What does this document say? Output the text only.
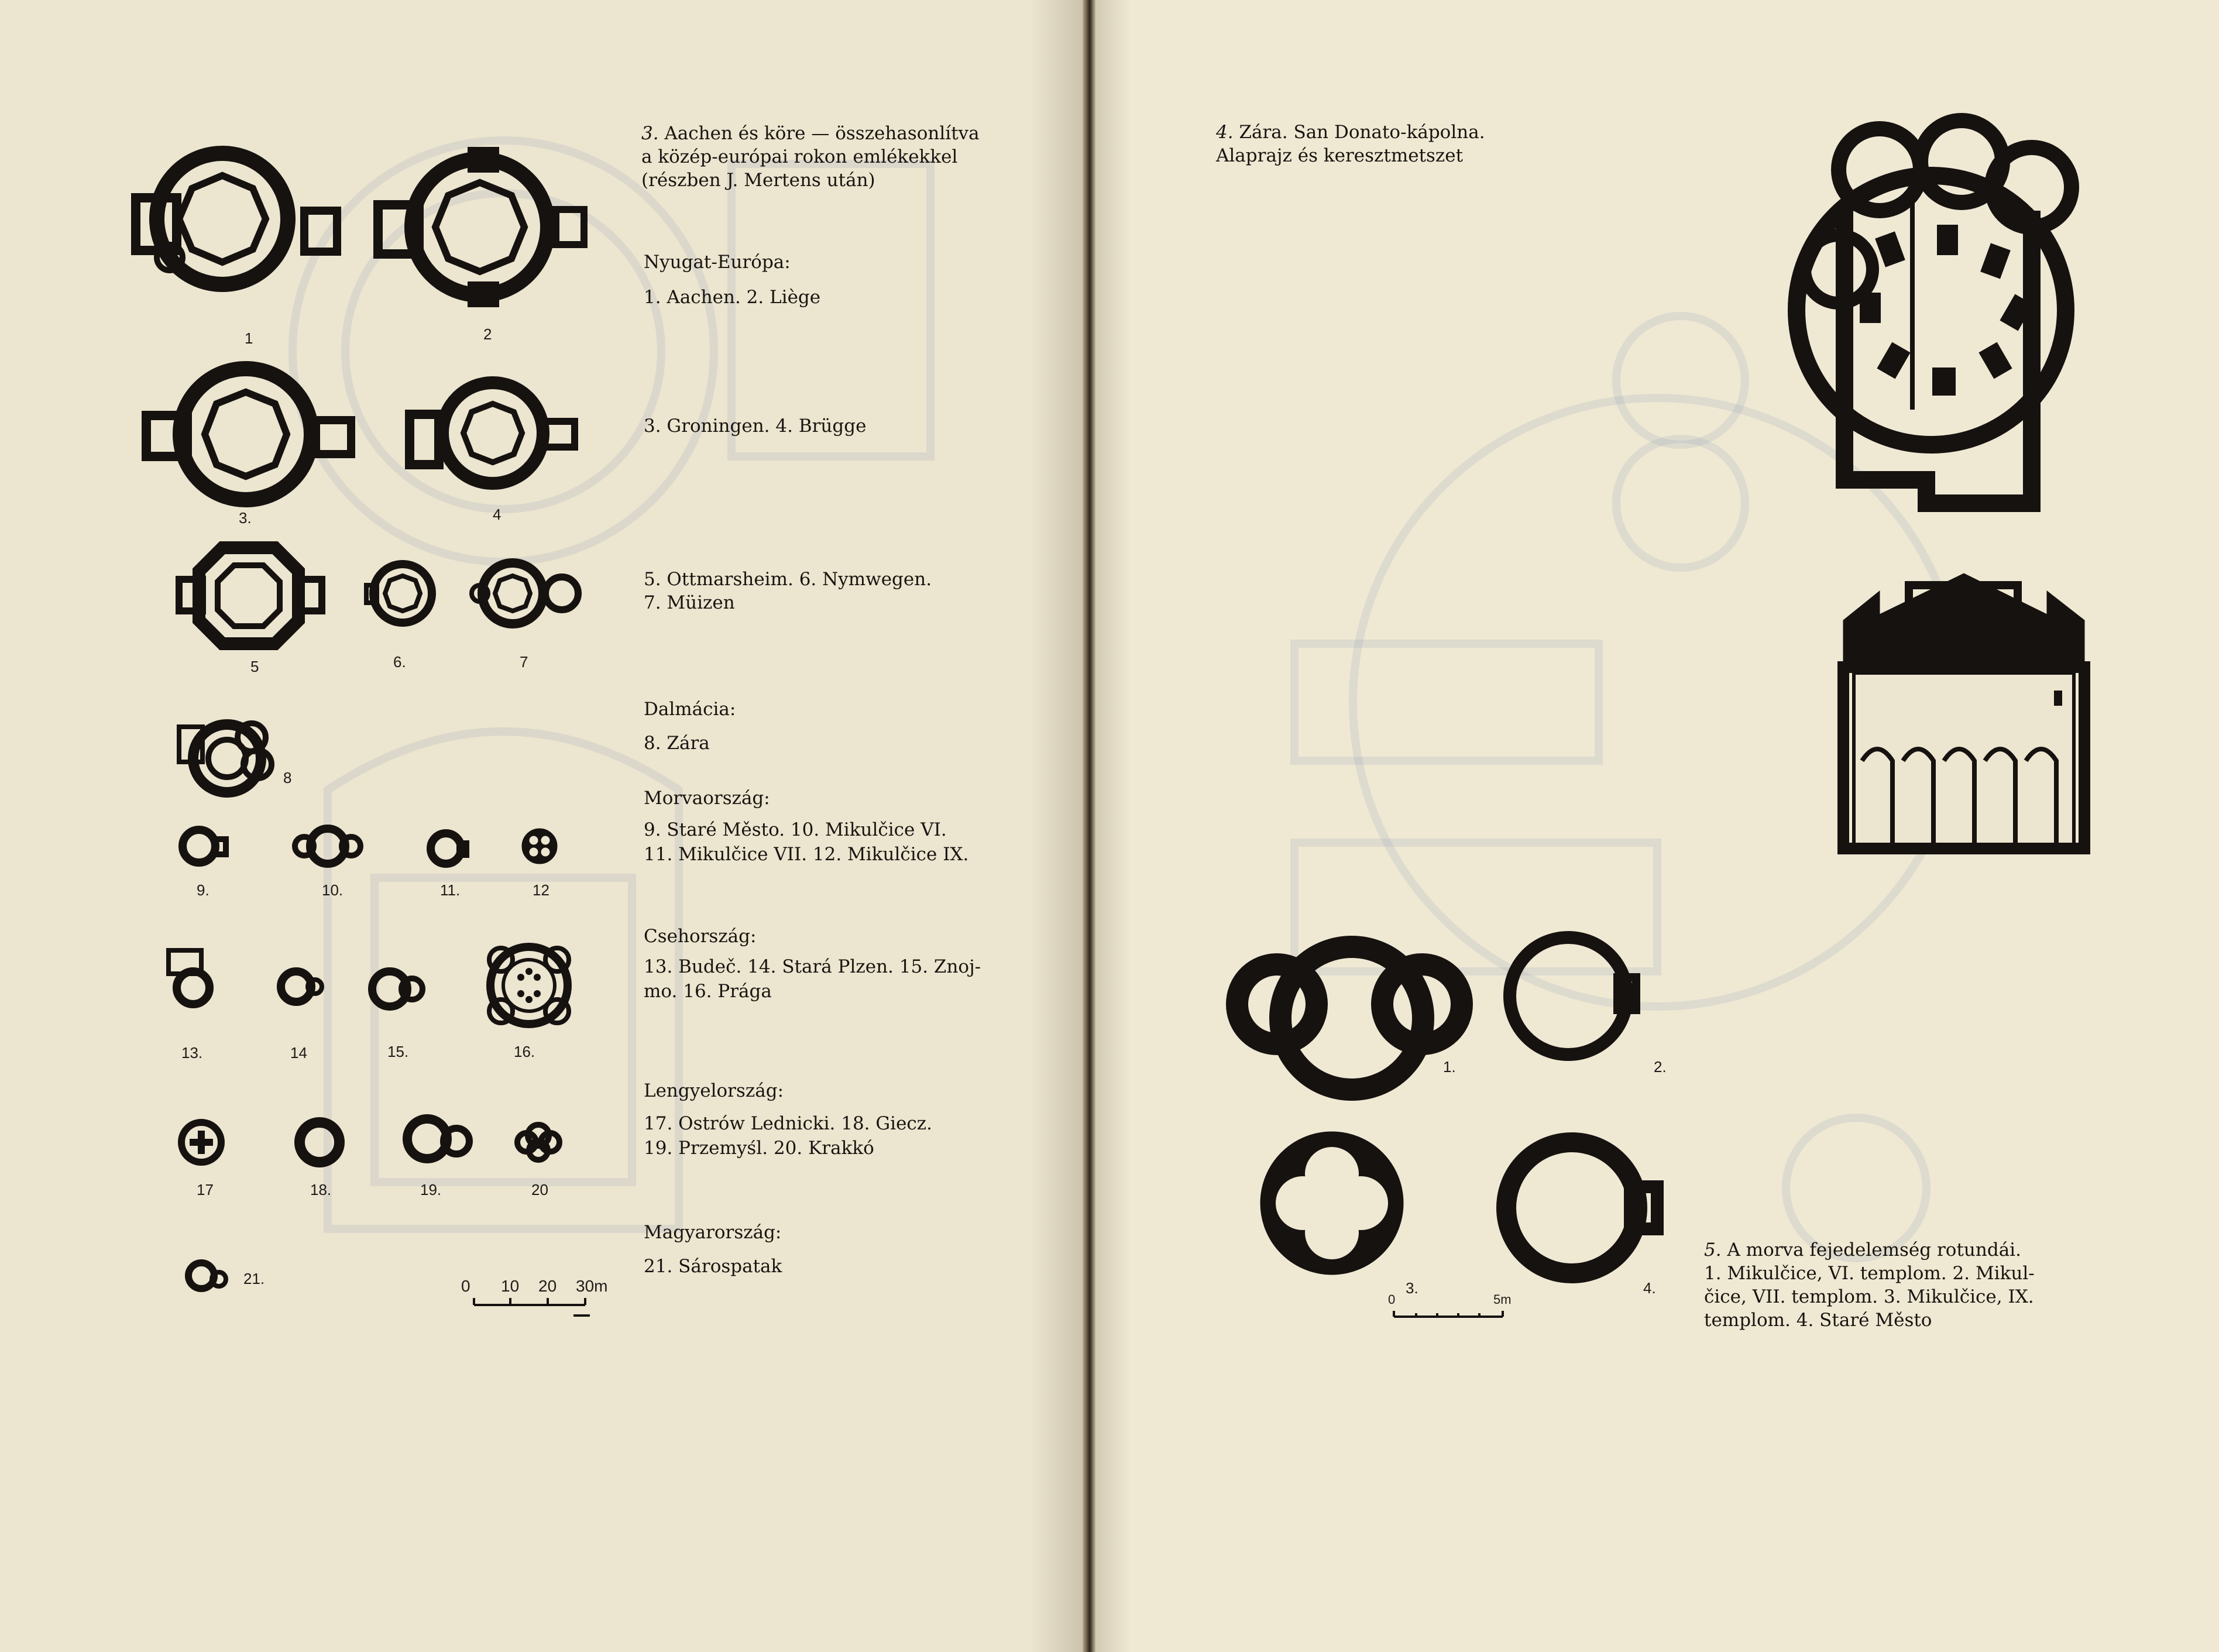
1	2
3.	4
5	6.	7
8
9.	10.	11.	12
13.	14	15.	16.
17	18.	19.	20
21.	0 10 20 30m

3. Aachen és köre — összehasonlítva

a közép-európai rokon emlékekkel

(részben J. Mertens után)

Nyugat-Európa:
1. Aachen. 2. Liège
3. Groningen. 4. Brügge
5. Ottmarsheim. 6. Nymwegen.
7. Müizen
Dalmácia:
8. Zára
Morvaország:
9. Staré Město. 10. Mikulčice VI.
11. Mikulčice VII. 12. Mikulčice IX.
Csehország:
13. Budeč. 14. Stará Plzen. 15. Znoj-
mo. 16. Prága
Lengyelország:
17. Ostrów Lednicki. 18. Giecz.
19. Przemyśl. 20. Krakkó
Magyarország:
21. Sárospatak
1.	2.
3.	4.
0	5m

4. Zára. San Donato-kápolna.

Alaprajz és keresztmetszet

5. A morva fejedelemség rotundái.

1. Mikulčice, VI. templom. 2. Mikul-

čice, VII. templom. 3. Mikulčice, IX.

templom. 4. Staré Město
